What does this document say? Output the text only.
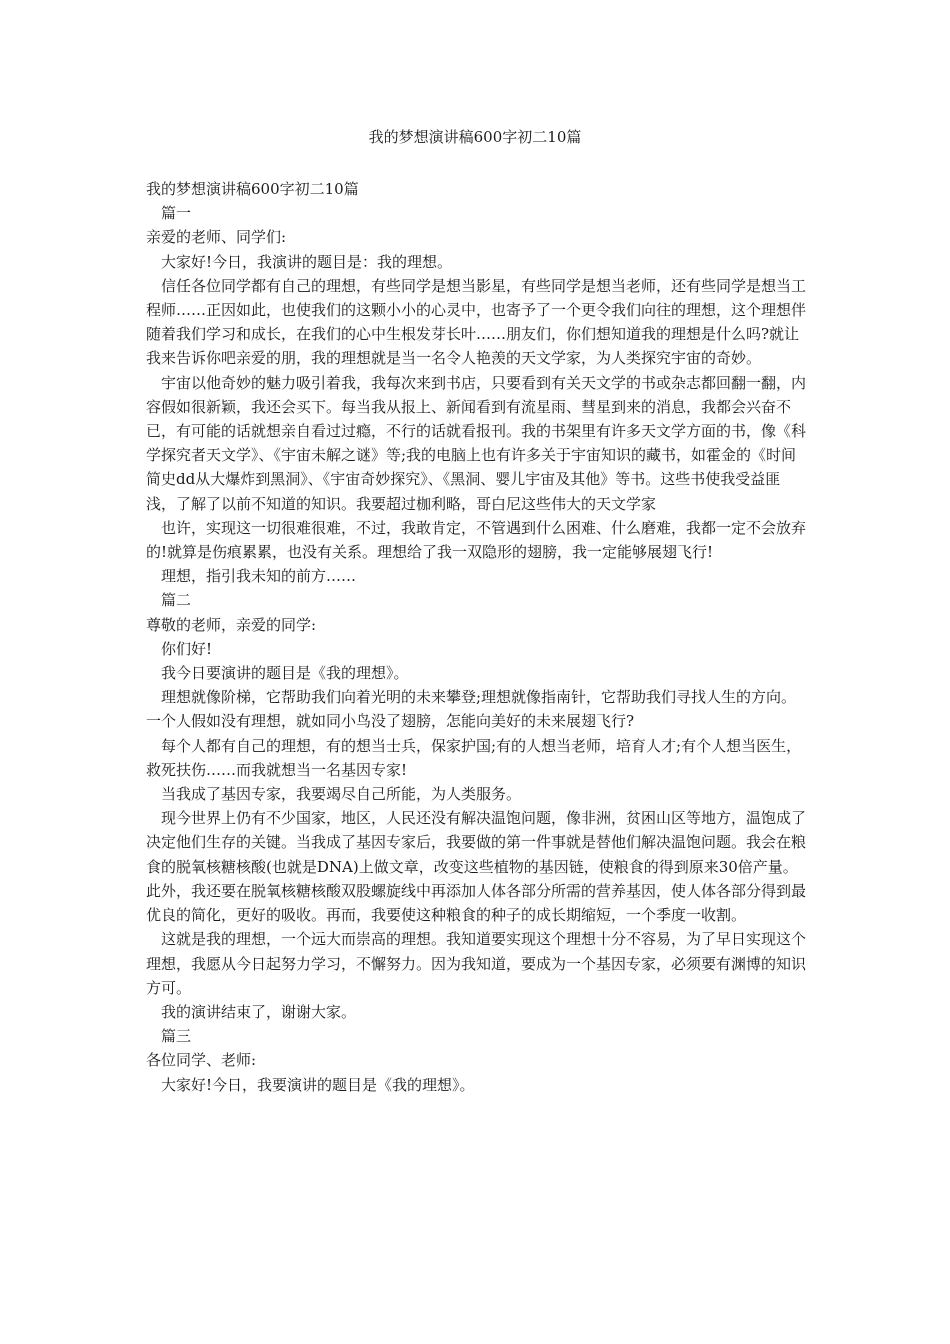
我的梦想演讲稿600字初二10篇

我的梦想演讲稿600字初二10篇

篇一

亲爱的老师、同学们:

大家好!今日，我演讲的题目是：我的理想。

信任各位同学都有自己的理想，有些同学是想当影星，有些同学是想当老师，还有些同学是想当工程师……正因如此，也使我们的这颗小小的心灵中，也寄予了一个更令我们向往的理想，这个理想伴随着我们学习和成长，在我们的心中生根发芽长叶……朋友们，你们想知道我的理想是什么吗?就让我来告诉你吧亲爱的朋，我的理想就是当一名令人艳羡的天文学家，为人类探究宇宙的奇妙。

宇宙以他奇妙的魅力吸引着我，我每次来到书店，只要看到有关天文学的书或杂志都回翻一翻，内容假如很新颖，我还会买下。每当我从报上、新闻看到有流星雨、彗星到来的消息，我都会兴奋不已，有可能的话就想亲自看过过瘾，不行的话就看报刊。我的书架里有许多天文学方面的书，像《科学探究者天文学》、《宇宙未解之谜》等;我的电脑上也有许多关于宇宙知识的藏书，如霍金的《时间简史dd从大爆炸到黑洞》、《宇宙奇妙探究》、《黑洞、婴儿宇宙及其他》等书。这些书使我受益匪浅，了解了以前不知道的知识。我要超过枷利略，哥白尼这些伟大的天文学家

也许，实现这一切很难很难，不过，我敢肯定，不管遇到什么困难、什么磨难，我都一定不会放弃的!就算是伤痕累累，也没有关系。理想给了我一双隐形的翅膀，我一定能够展翅飞行!

理想，指引我未知的前方……

篇二

尊敬的老师，亲爱的同学:

你们好!

我今日要演讲的题目是《我的理想》。

理想就像阶梯，它帮助我们向着光明的未来攀登;理想就像指南针，它帮助我们寻找人生的方向。一个人假如没有理想，就如同小鸟没了翅膀，怎能向美好的未来展翅飞行?

每个人都有自己的理想，有的想当士兵，保家护国;有的人想当老师，培育人才;有个人想当医生，救死扶伤……而我就想当一名基因专家!

当我成了基因专家，我要竭尽自己所能，为人类服务。

现今世界上仍有不少国家，地区，人民还没有解决温饱问题，像非洲，贫困山区等地方，温饱成了决定他们生存的关键。当我成了基因专家后，我要做的第一件事就是替他们解决温饱问题。我会在粮食的脱氧核糖核酸(也就是DNA)上做文章，改变这些植物的基因链，使粮食的得到原来30倍产量。此外，我还要在脱氧核糖核酸双股螺旋线中再添加人体各部分所需的营养基因，使人体各部分得到最优良的简化，更好的吸收。再而，我要使这种粮食的种子的成长期缩短，一个季度一收割。

这就是我的理想，一个远大而崇高的理想。我知道要实现这个理想十分不容易，为了早日实现这个理想，我愿从今日起努力学习，不懈努力。因为我知道，要成为一个基因专家，必须要有渊博的知识方可。

我的演讲结束了，谢谢大家。

篇三

各位同学、老师:

大家好!今日，我要演讲的题目是《我的理想》。
